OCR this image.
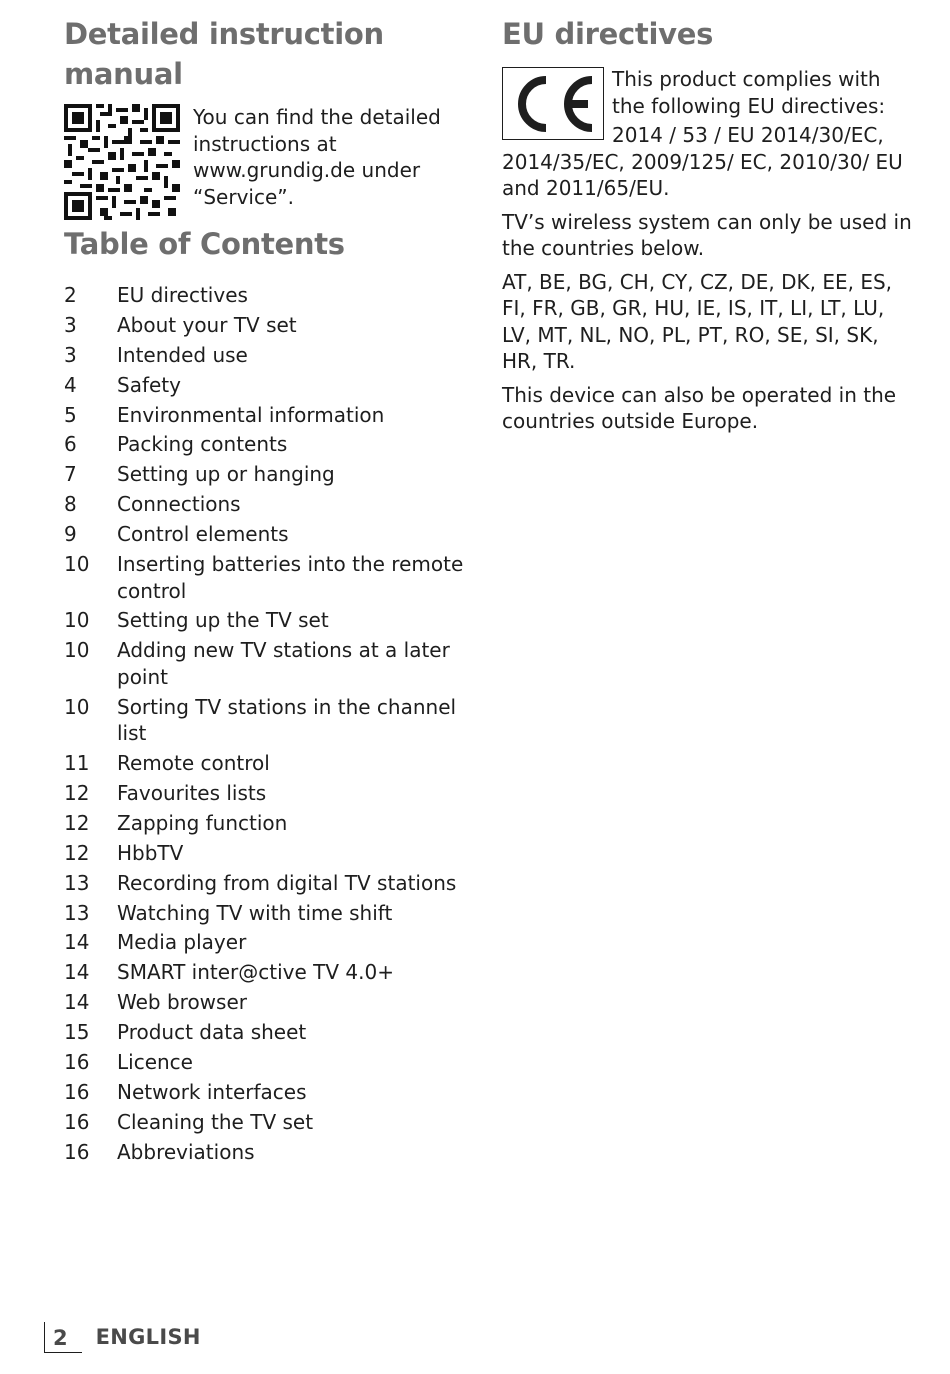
Detailed instruction manual
You can find the detailed instructions at www.grundig.de under “Service”.
Table of Contents
2	EU directives
3	About your TV set
3	Intended use
4	Safety
5	Environmental information
6	Packing contents
7	Setting up or hanging
8	Connections
9	Control elements
10	Inserting batteries into the remote control
10	Setting up the TV set
10	Adding new TV stations at a later point
10	Sorting TV stations in the channel list
11	Remote control
12	Favourites lists
12	Zapping function
12	HbbTV
13	Recording from digital TV stations
13	Watching TV with time shift
14	Media player
14	SMART inter@ctive TV 4.0+
14	Web browser
15	Product data sheet
16	Licence
16	Network interfaces
16	Cleaning the TV set
16	Abbreviations
EU directives
CE	This product complies with the following EU directives:

2014 / 53 / EU 2014/30/EC, 2014/35/EC, 2009/125/ EC, 2010/30/ EU and 2011/65/EU.

TV’s wireless system can only be used in the countries below.

AT, BE, BG, CH, CY, CZ, DE, DK, EE, ES, FI, FR, GB, GR, HU, IE, IS, IT, LI, LT, LU, LV, MT, NL, NO, PL, PT, RO, SE, SI, SK, HR, TR.

This device can also be operated in the countries outside Europe.

2	ENGLISH
